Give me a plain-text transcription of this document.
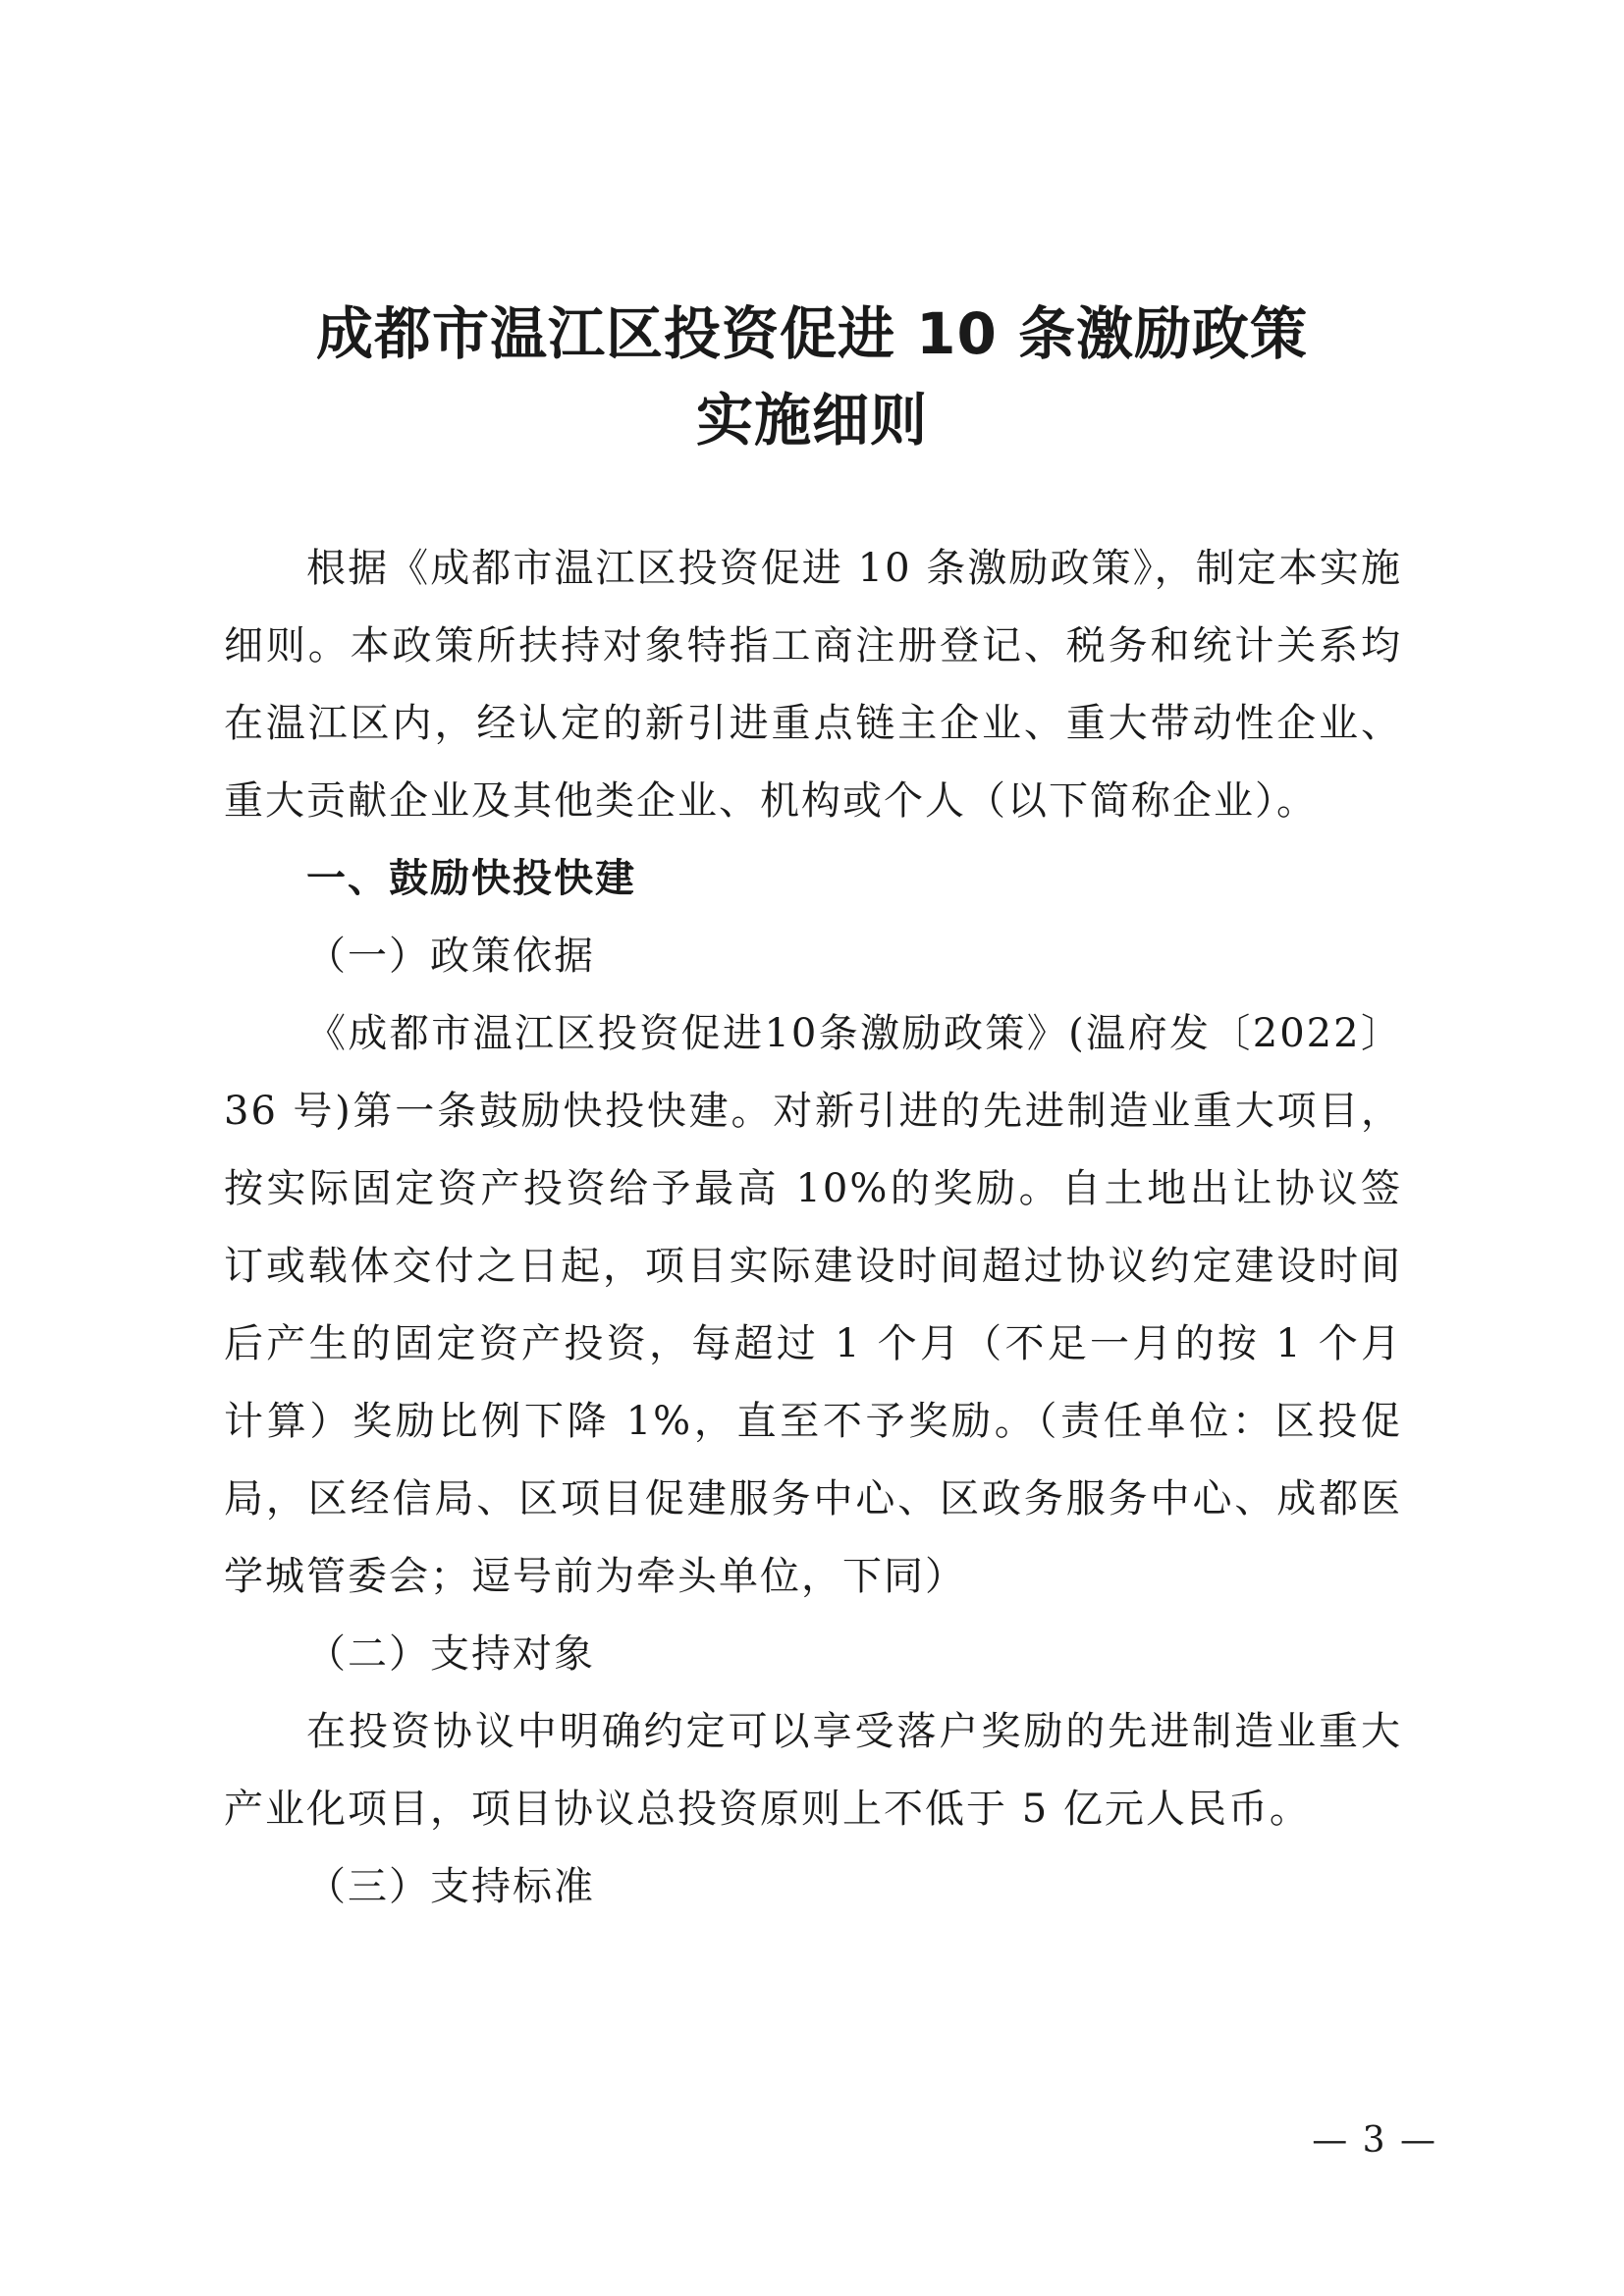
成都市温江区投资促进 10 条激励政策
实施细则

根据《成都市温江区投资促进 10 条激励政策》，制定本实施细则。本政策所扶持对象特指工商注册登记、税务和统计关系均在温江区内，经认定的新引进重点链主企业、重大带动性企业、重大贡献企业及其他类企业、机构或个人（以下简称企业）。

一、鼓励快投快建

（一）政策依据

《成都市温江区投资促进10条激励政策》(温府发〔2022〕36 号)第一条鼓励快投快建。对新引进的先进制造业重大项目，按实际固定资产投资给予最高 10%的奖励。自土地出让协议签订或载体交付之日起，项目实际建设时间超过协议约定建设时间后产生的固定资产投资，每超过 1 个月（不足一月的按 1 个月计算）奖励比例下降 1%，直至不予奖励。（责任单位：区投促局，区经信局、区项目促建服务中心、区政务服务中心、成都医学城管委会；逗号前为牵头单位，下同）

（二）支持对象

在投资协议中明确约定可以享受落户奖励的先进制造业重大产业化项目，项目协议总投资原则上不低于 5 亿元人民币。

（三）支持标准

— 3 —
